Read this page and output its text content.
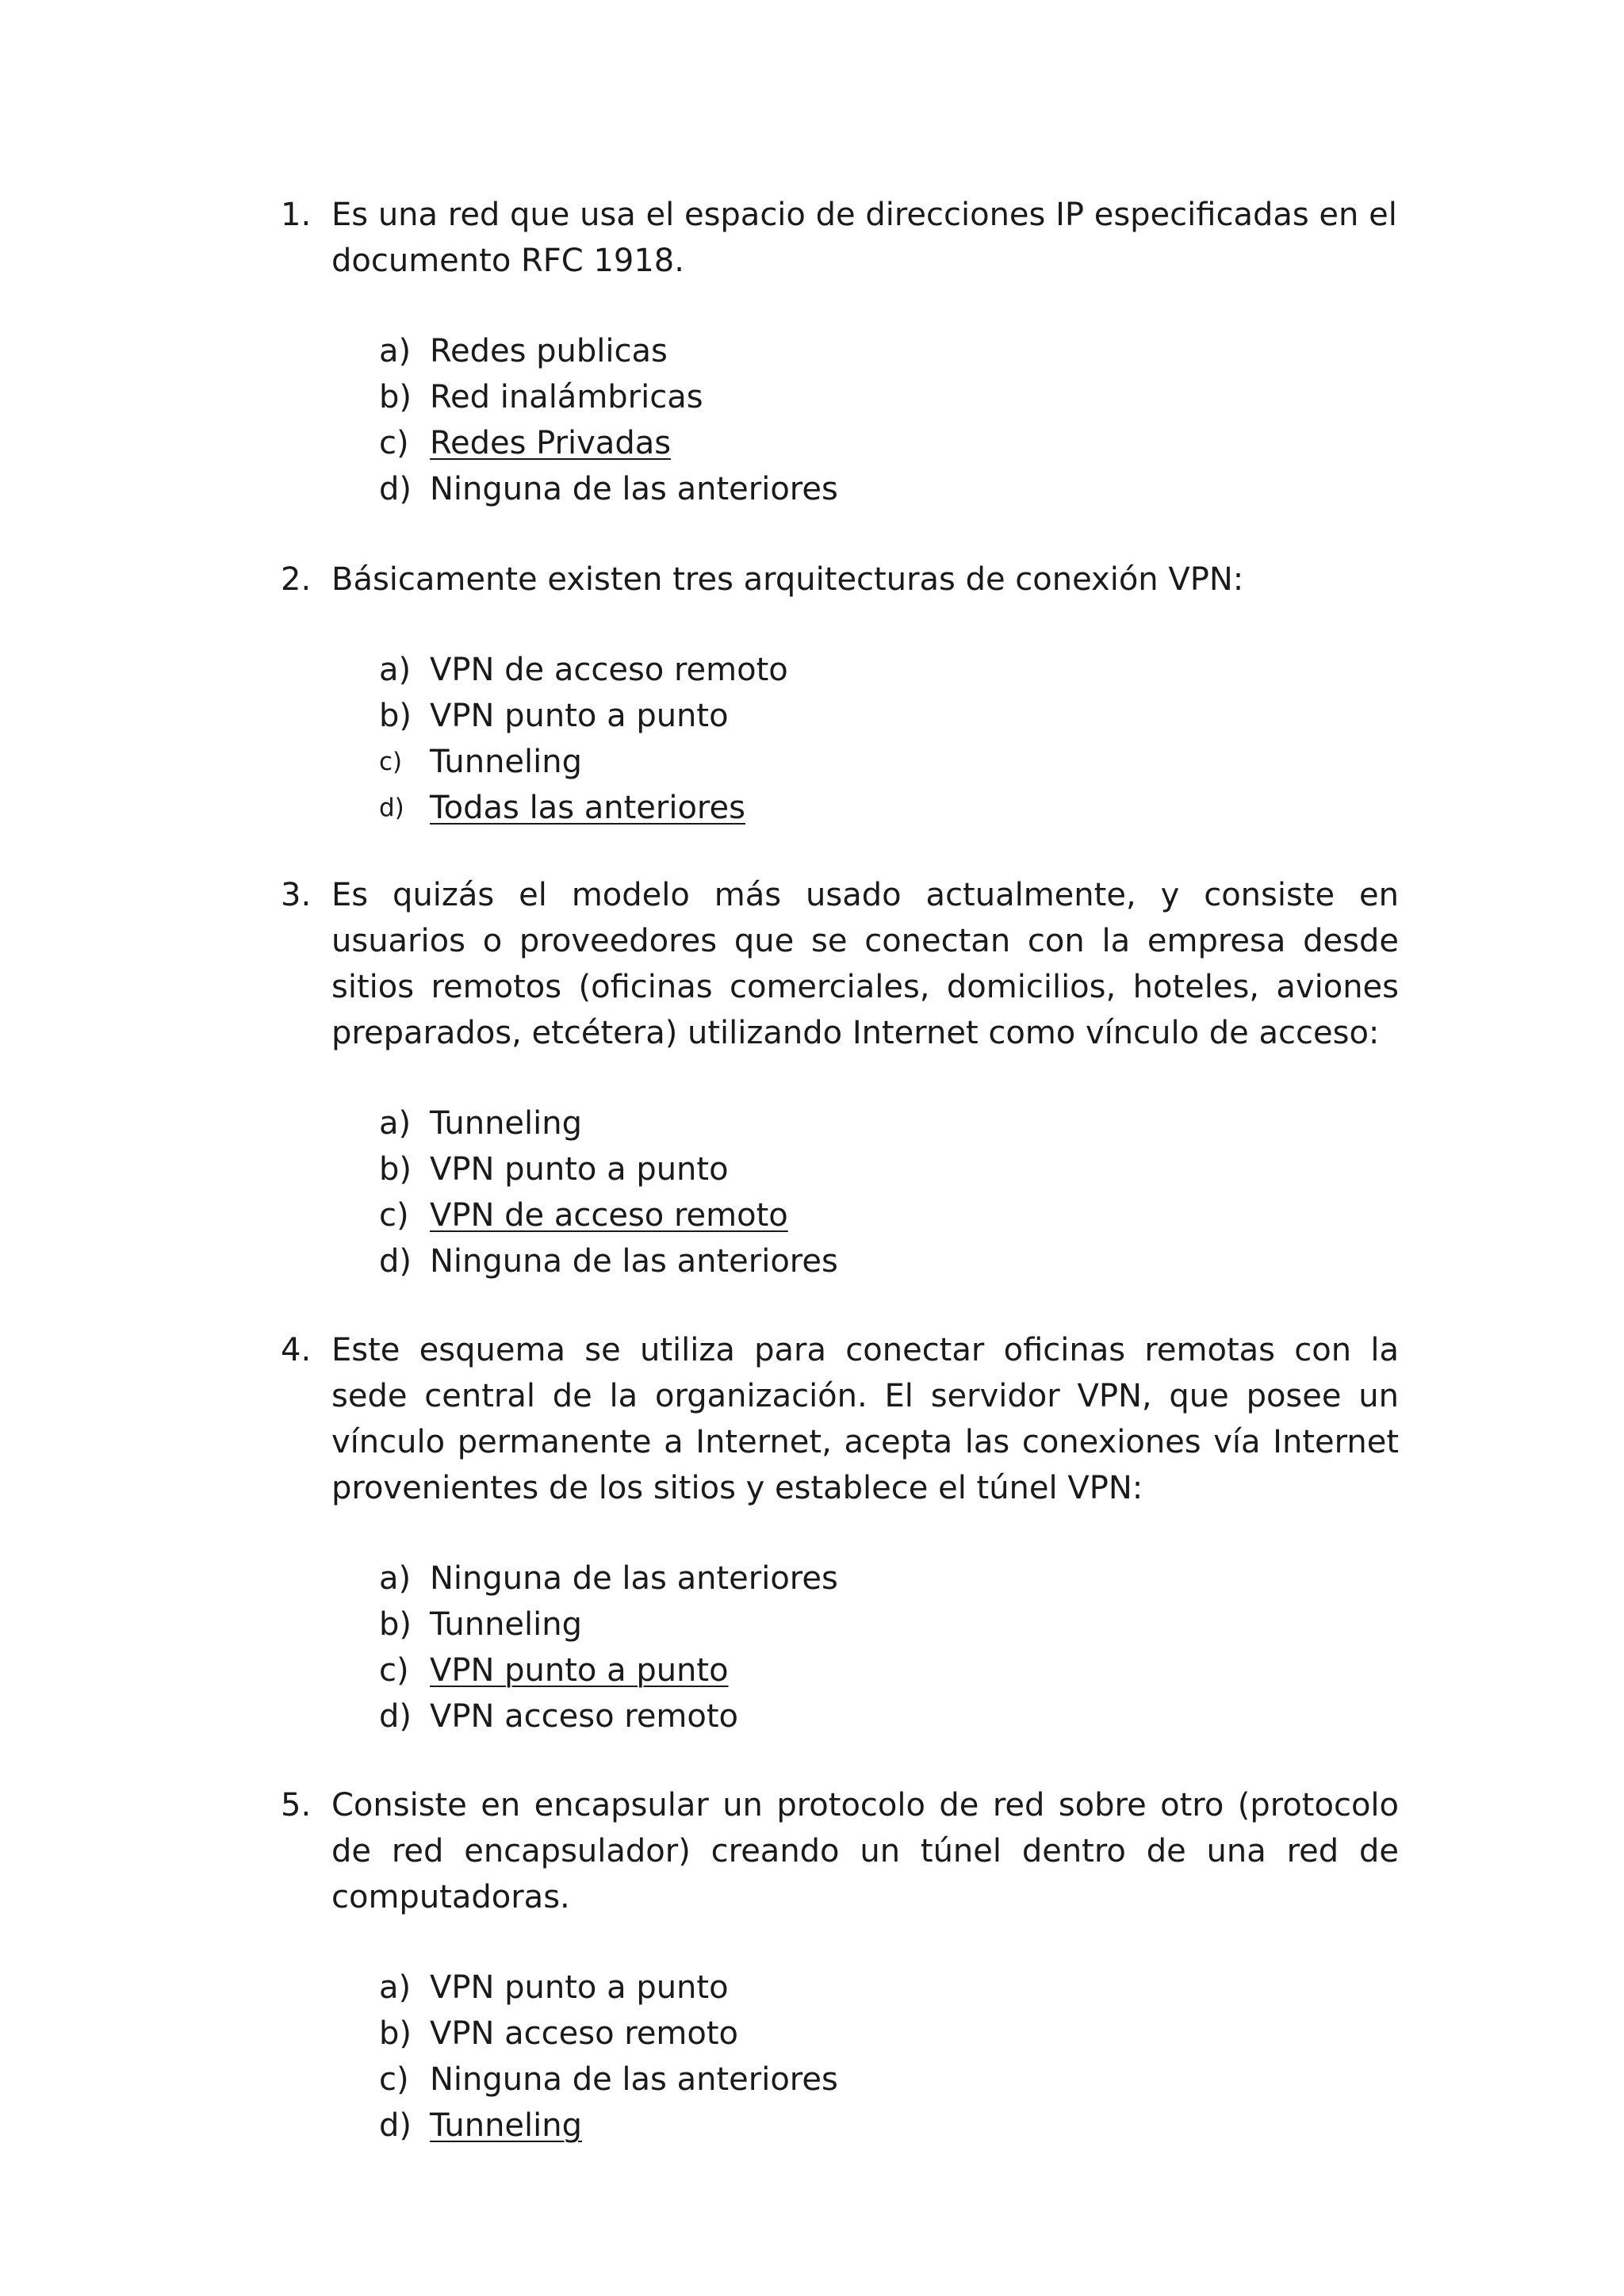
1. Es una red que usa el espacio de direcciones IP especificadas en el documento RFC 1918.
a) Redes publicas
b) Red inalámbricas
c) Redes Privadas
d) Ninguna de las anteriores
2. Básicamente existen tres arquitecturas de conexión VPN:
a) VPN de acceso remoto
b) VPN punto a punto
c) Tunneling
d) Todas las anteriores
3. Es quizás el modelo más usado actualmente, y consiste en usuarios o proveedores que se conectan con la empresa desde sitios remotos (oficinas comerciales, domicilios, hoteles, aviones preparados, etcétera) utilizando Internet como vínculo de acceso:
a) Tunneling
b) VPN punto a punto
c) VPN de acceso remoto
d) Ninguna de las anteriores
4. Este esquema se utiliza para conectar oficinas remotas con la sede central de la organización. El servidor VPN, que posee un vínculo permanente a Internet, acepta las conexiones vía Internet provenientes de los sitios y establece el túnel VPN:
a) Ninguna de las anteriores
b) Tunneling
c) VPN punto a punto
d) VPN acceso remoto
5. Consiste en encapsular un protocolo de red sobre otro (protocolo de red encapsulador) creando un túnel dentro de una red de computadoras.
a) VPN punto a punto
b) VPN acceso remoto
c) Ninguna de las anteriores
d) Tunneling
